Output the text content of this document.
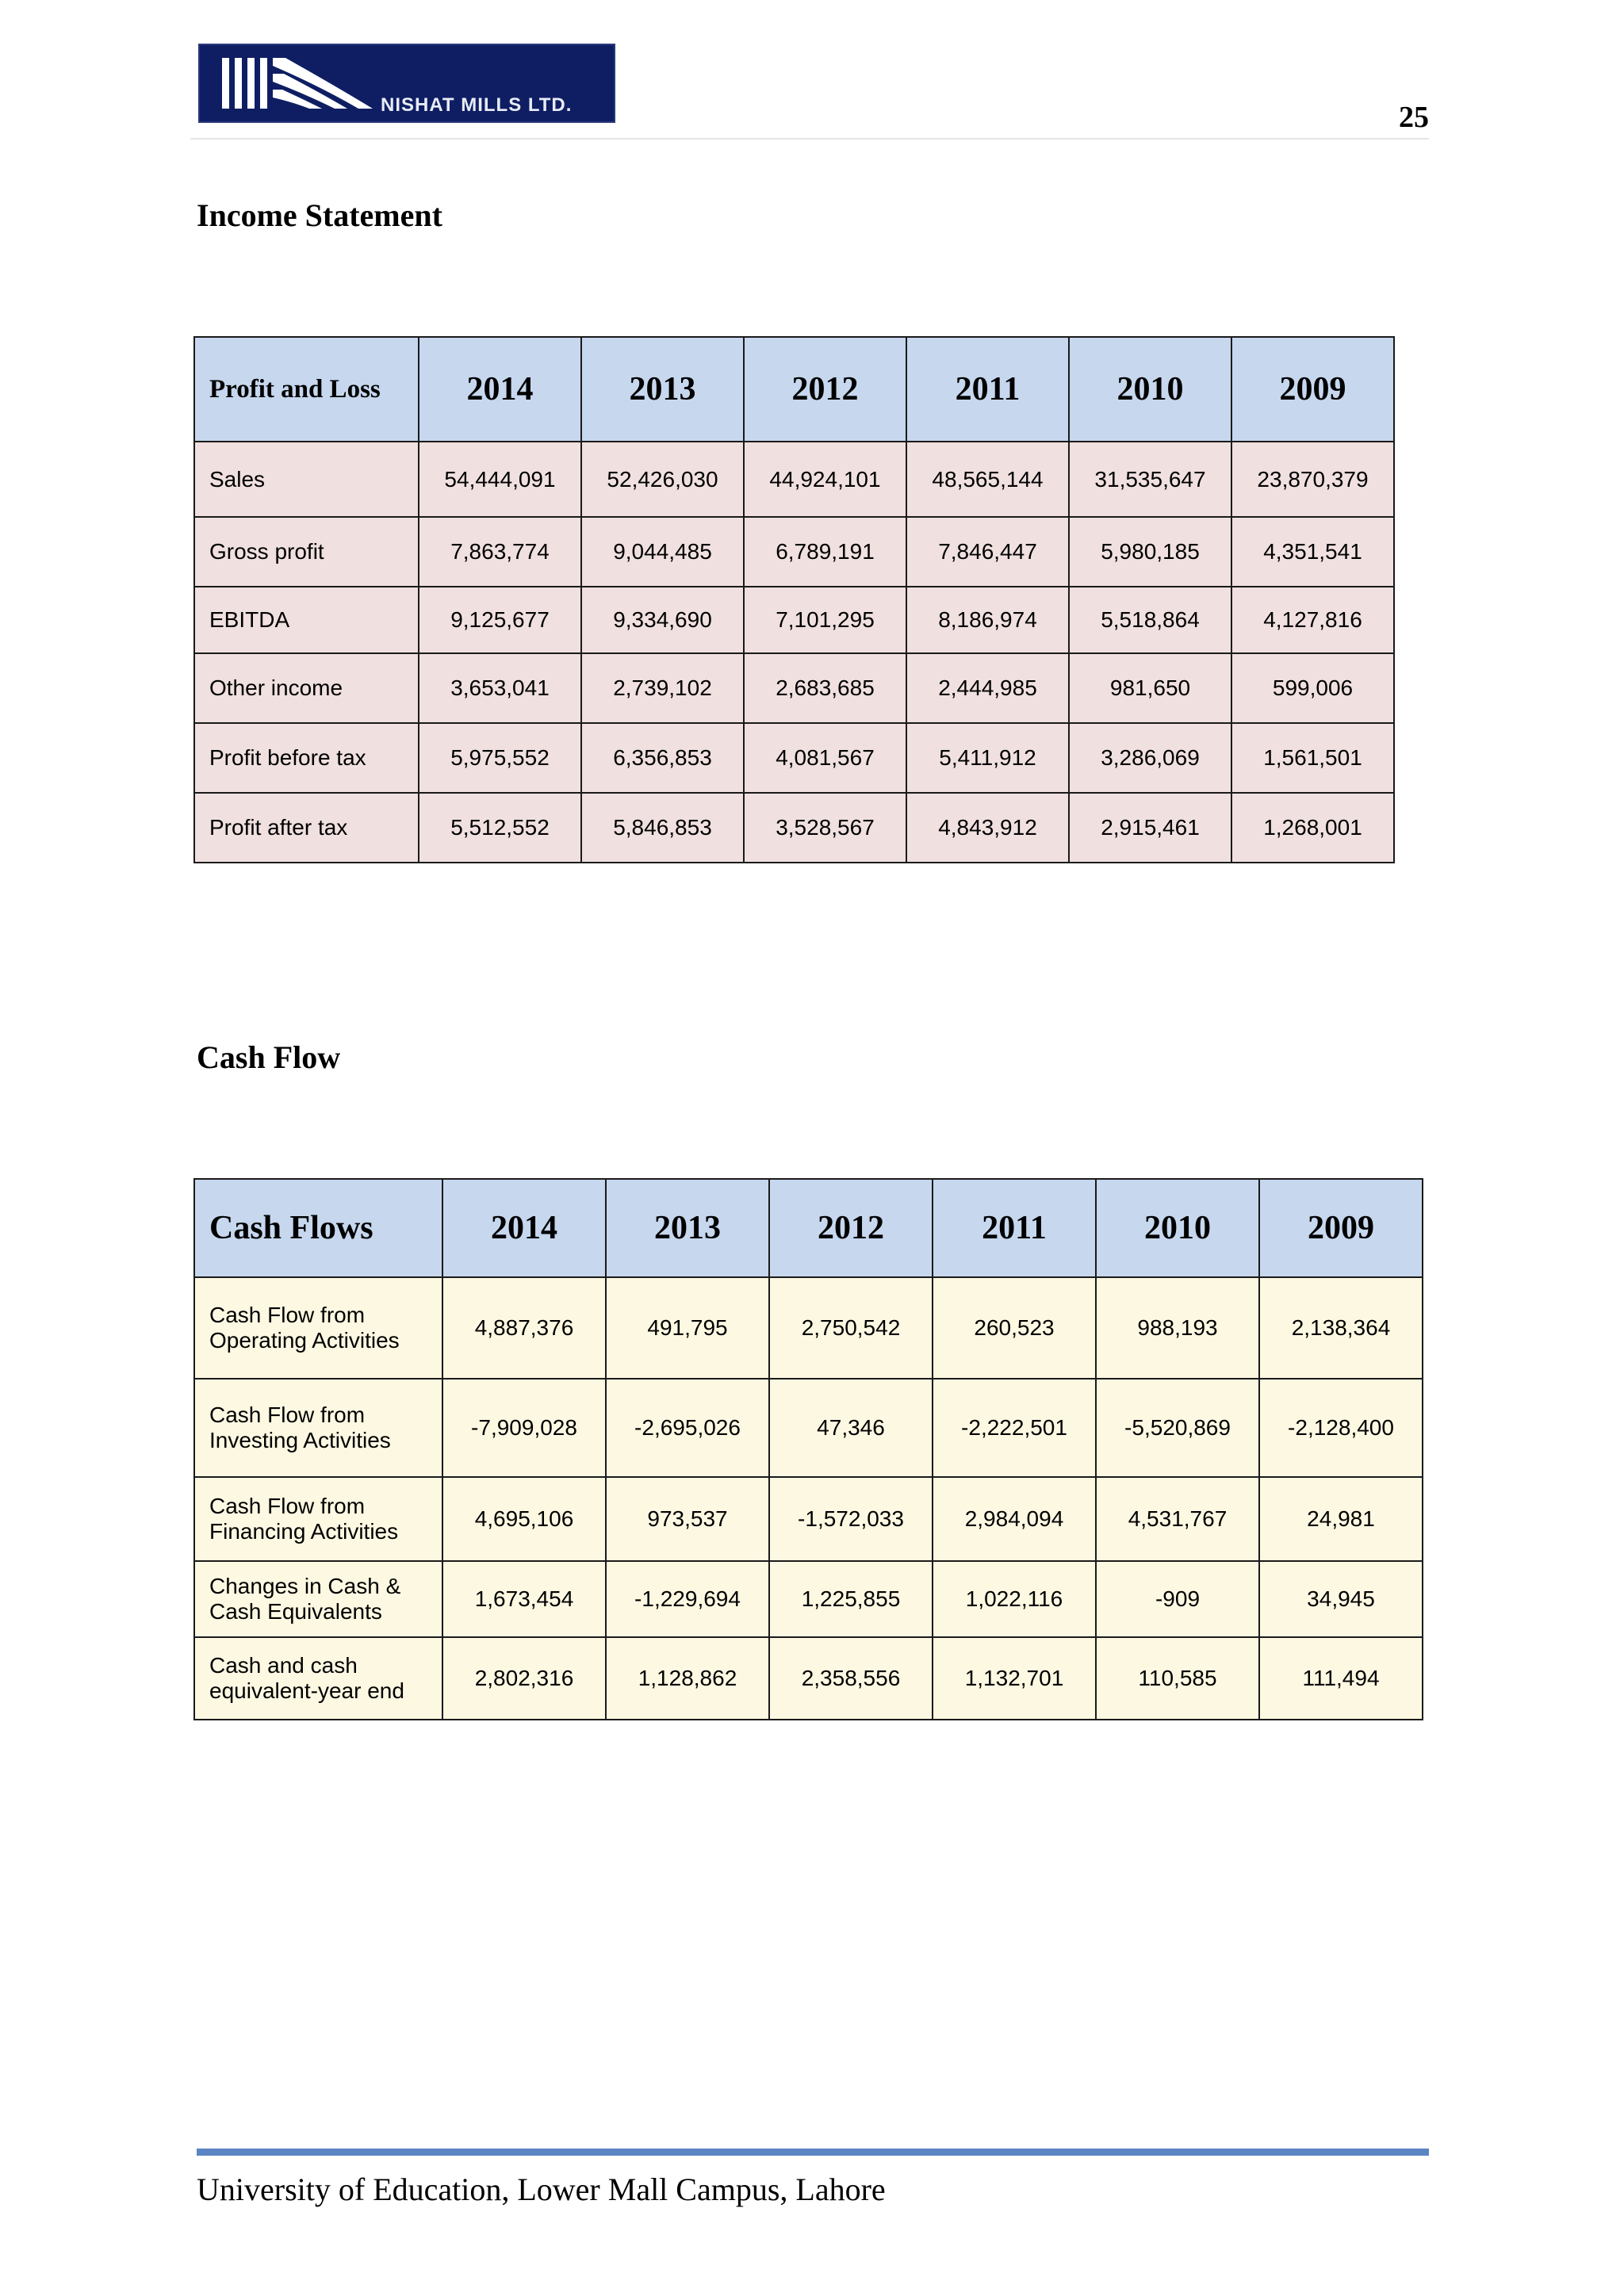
NISHAT MILLS LTD.	25
Income Statement
Profit and Loss	2014	2013	2012	2011	2010	2009
Sales	54,444,091	52,426,030	44,924,101	48,565,144	31,535,647	23,870,379
Gross profit	7,863,774	9,044,485	6,789,191	7,846,447	5,980,185	4,351,541
EBITDA	9,125,677	9,334,690	7,101,295	8,186,974	5,518,864	4,127,816
Other income	3,653,041	2,739,102	2,683,685	2,444,985	981,650	599,006
Profit before tax	5,975,552	6,356,853	4,081,567	5,411,912	3,286,069	1,561,501
Profit after tax	5,512,552	5,846,853	3,528,567	4,843,912	2,915,461	1,268,001
Cash Flow
Cash Flows	2014	2013	2012	2011	2010	2009
Cash Flow from
Operating Activities	4,887,376	491,795	2,750,542	260,523	988,193	2,138,364
Cash Flow from
Investing Activities	-7,909,028	-2,695,026	47,346	-2,222,501	-5,520,869	-2,128,400
Cash Flow from
Financing Activities	4,695,106	973,537	-1,572,033	2,984,094	4,531,767	24,981
Changes in Cash &
Cash Equivalents	1,673,454	-1,229,694	1,225,855	1,022,116	-909	34,945
Cash and cash
equivalent-year end	2,802,316	1,128,862	2,358,556	1,132,701	110,585	111,494
University of Education, Lower Mall Campus, Lahore
